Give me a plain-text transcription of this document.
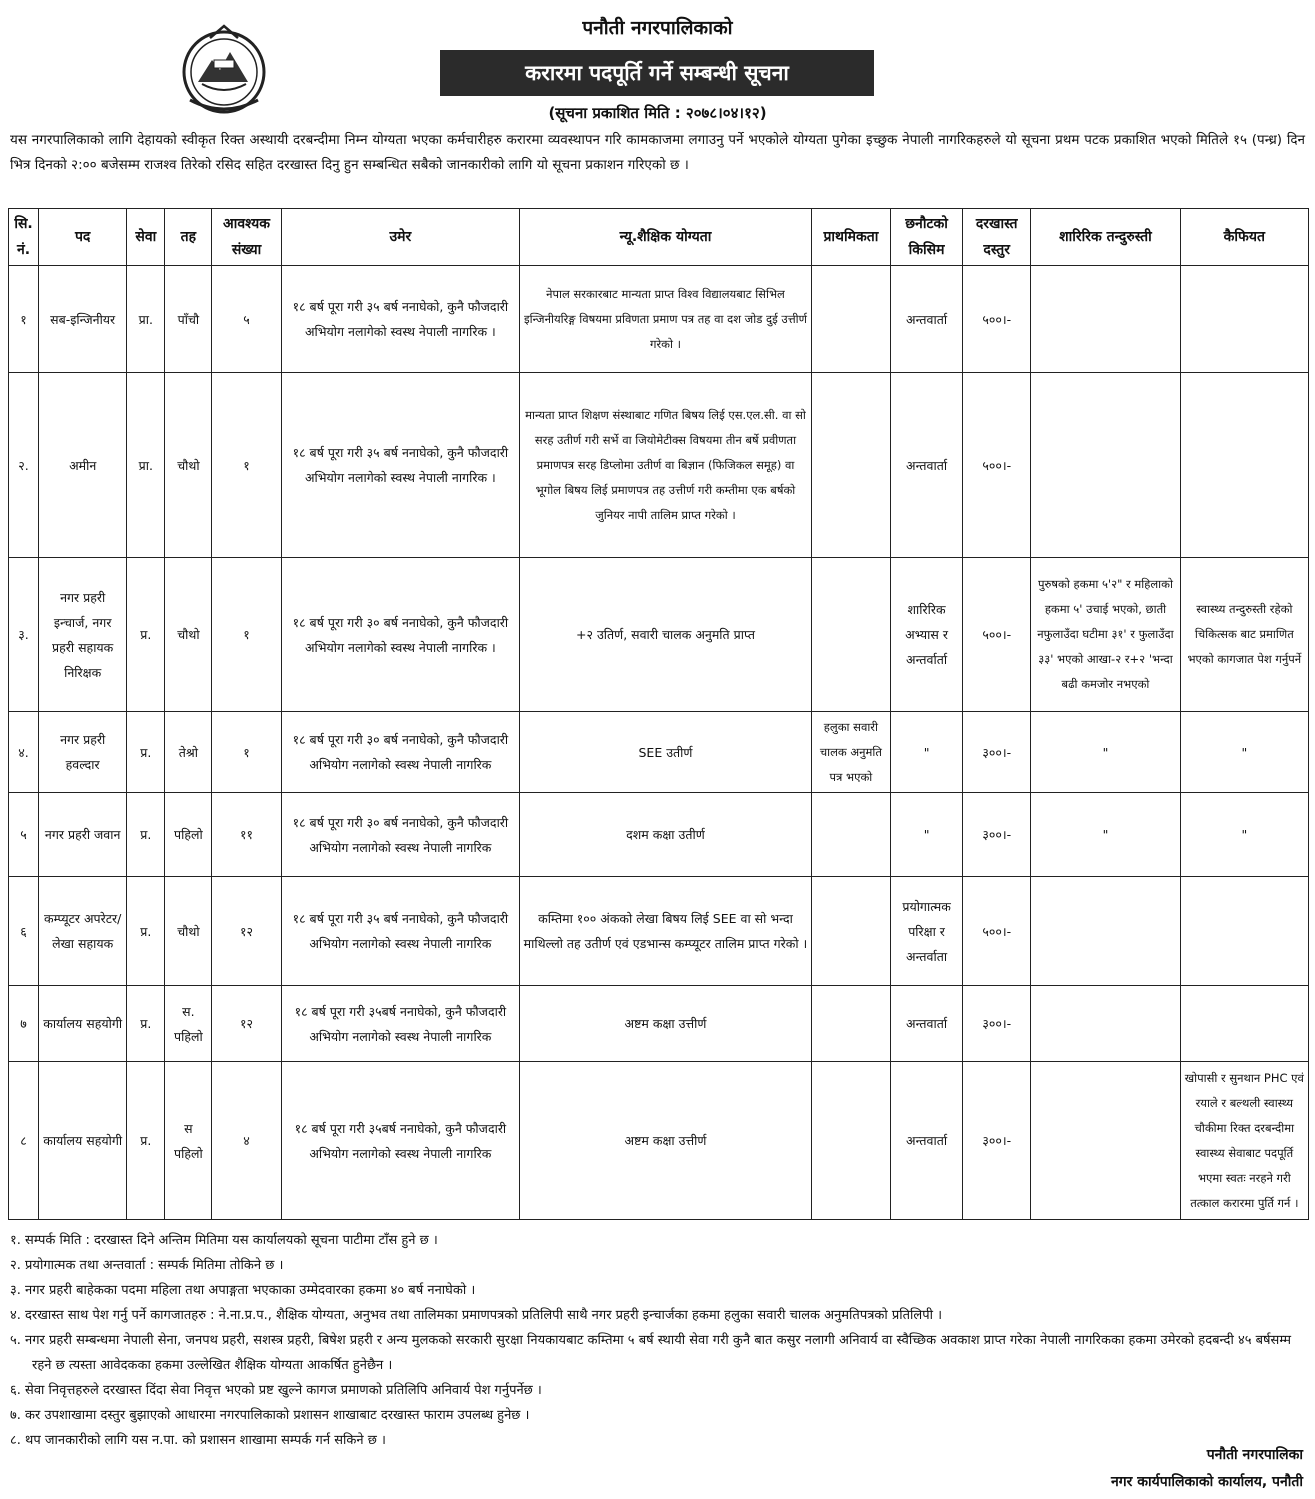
पनौती नगरपालिकाको
करारमा पदपूर्ति गर्ने सम्बन्धी सूचना
(सूचना प्रकाशित मिति : २०७८।०४।१२)
यस नगरपालिकाको लागि देहायको स्वीकृत रिक्त अस्थायी दरबन्दीमा निम्न योग्यता भएका कर्मचारीहरु करारमा व्यवस्थापन गरि कामकाजमा लगाउनु पर्ने भएकोले योग्यता पुगेका इच्छुक नेपाली नागरिकहरुले यो सूचना प्रथम पटक प्रकाशित भएको मितिले १५ (पन्ध्र) दिन भित्र दिनको २:०० बजेसम्म राजश्व तिरेको रसिद सहित दरखास्त दिनु हुन सम्बन्धित सबैको जानकारीको लागि यो सूचना प्रकाशन गरिएको छ ।
सि. नं.	पद	सेवा	तह	आवश्यक संख्या	उमेर	न्यू.शैक्षिक योग्यता	प्राथमिकता	छनौटको किसिम	दरखास्त दस्तुर	शारिरिक तन्दुरुस्ती	कैफियत
१	सब-इन्जिनीयर	प्रा.	पाँचौ	५	१८ बर्ष पूरा गरी ३५ बर्ष ननाघेको, कुनै फौजदारी अभियोग नलागेको स्वस्थ नेपाली नागरिक ।	नेपाल सरकारबाट मान्यता प्राप्त विश्व विद्यालयबाट सिभिल इन्जिनीयरिङ्ग विषयमा प्रविणता प्रमाण पत्र तह वा दश जोड दुई उत्तीर्ण गरेको ।		अन्तवार्ता	५००।-		
२.	अमीन	प्रा.	चौथो	१	१८ बर्ष पूरा गरी ३५ बर्ष ननाघेको, कुनै फौजदारी अभियोग नलागेको स्वस्थ नेपाली नागरिक ।	मान्यता प्राप्त शिक्षण संस्थाबाट गणित बिषय लिई एस.एल.सी. वा सो सरह उतीर्ण गरी सर्भे वा जियोमेटीक्स विषयमा तीन बर्षे प्रवीणता प्रमाणपत्र सरह डिप्लोमा उतीर्ण वा बिज्ञान (फिजिकल समूह) वा भूगोल बिषय लिई प्रमाणपत्र तह उत्तीर्ण गरी कम्तीमा एक बर्षको जुनियर नापी तालिम प्राप्त गरेको ।		अन्तवार्ता	५००।-		
३.	नगर प्रहरी इन्चार्ज, नगर प्रहरी सहायक निरिक्षक	प्र.	चौथो	१	१८ बर्ष पूरा गरी ३० बर्ष ननाघेको, कुनै फौजदारी अभियोग नलागेको स्वस्थ नेपाली नागरिक ।	+२ उतिर्ण, सवारी चालक अनुमति प्राप्त		शारिरिक अभ्यास र अन्तर्वार्ता	५००।-	पुरुषको हकमा ५'२" र महिलाको हकमा ५' उचाई भएको, छाती नफुलाउँदा घटीमा ३१' र फुलाउँदा ३३' भएको आखा-२ र+२ 'भन्दा बढी कमजोर नभएको	स्वास्थ्य तन्दुरुस्ती रहेको चिकित्सक बाट प्रमाणित भएको कागजात पेश गर्नुपर्ने
४.	नगर प्रहरी हवल्दार	प्र.	तेश्रो	१	१८ बर्ष पूरा गरी ३० बर्ष ननाघेको, कुनै फौजदारी अभियोग नलागेको स्वस्थ नेपाली नागरिक	SEE उतीर्ण	हलुका सवारी चालक अनुमति पत्र भएको	"	३००।-	"	"
५	नगर प्रहरी जवान	प्र.	पहिलो	११	१८ बर्ष पूरा गरी ३० बर्ष ननाघेको, कुनै फौजदारी अभियोग नलागेको स्वस्थ नेपाली नागरिक	दशम कक्षा उतीर्ण		"	३००।-	"	"
६	कम्प्यूटर अपरेटर/ लेखा सहायक	प्र.	चौथो	१२	१८ बर्ष पूरा गरी ३५ बर्ष ननाघेको, कुनै फौजदारी अभियोग नलागेको स्वस्थ नेपाली नागरिक	कम्तिमा १०० अंकको लेखा बिषय लिई SEE वा सो भन्दा माथिल्लो तह उतीर्ण एवं एडभान्स कम्प्यूटर तालिम प्राप्त गरेको ।		प्रयोगात्मक परिक्षा र अन्तर्वाता	५००।-		
७	कार्यालय सहयोगी	प्र.	स. पहिलो	१२	१८ बर्ष पूरा गरी ३५बर्ष ननाघेको, कुनै फौजदारी अभियोग नलागेको स्वस्थ नेपाली नागरिक	अष्टम कक्षा उत्तीर्ण		अन्तवार्ता	३००।-		
८	कार्यालय सहयोगी	प्र.	स पहिलो	४	१८ बर्ष पूरा गरी ३५बर्ष ननाघेको, कुनै फौजदारी अभियोग नलागेको स्वस्थ नेपाली नागरिक	अष्टम कक्षा उत्तीर्ण		अन्तवार्ता	३००।-		खोपासी र सुनथान PHC एवं रयाले र बल्थली स्वास्थ्य चौकीमा रिक्त दरबन्दीमा स्वास्थ्य सेवाबाट पदपूर्ति भएमा स्वतः नरहने गरी तत्काल करारमा पुर्ति गर्न ।
१. सम्पर्क मिति : दरखास्त दिने अन्तिम मितिमा यस कार्यालयको सूचना पाटीमा टाँस हुने छ ।
२. प्रयोगात्मक तथा अन्तवार्ता : सम्पर्क मितिमा तोकिने छ ।
३. नगर प्रहरी बाहेकका पदमा महिला तथा अपाङ्गता भएकाका उम्मेदवारका हकमा ४० बर्ष ननाघेको ।
४. दरखास्त साथ पेश गर्नु पर्ने कागजातहरु : ने.ना.प्र.प., शैक्षिक योग्यता, अनुभव तथा तालिमका प्रमाणपत्रको प्रतिलिपी साथै नगर प्रहरी इन्चार्जका हकमा हलुका सवारी चालक अनुमतिपत्रको प्रतिलिपी ।
५. नगर प्रहरी सम्बन्धमा नेपाली सेना, जनपथ प्रहरी, सशस्त्र प्रहरी, बिषेश प्रहरी र अन्य मुलकको सरकारी सुरक्षा नियकायबाट कम्तिमा ५ बर्ष स्थायी सेवा गरी कुनै बात कसुर नलागी अनिवार्य वा स्वैच्छिक अवकाश प्राप्त गरेका नेपाली नागरिकका हकमा उमेरको हदबन्दी ४५ बर्षसम्म रहने छ त्यस्ता आवेदकका हकमा उल्लेखित शैक्षिक योग्यता आकर्षित हुनेछैन ।
६. सेवा निवृत्तहरुले दरखास्त दिंदा सेवा निवृत्त भएको प्रष्ट खुल्ने कागज प्रमाणको प्रतिलिपि अनिवार्य पेश गर्नुपर्नेछ ।
७. कर उपशाखामा दस्तुर बुझाएको आधारमा नगरपालिकाको प्रशासन शाखाबाट दरखास्त फाराम उपलब्ध हुनेछ ।
८. थप जानकारीको लागि यस न.पा. को प्रशासन शाखामा सम्पर्क गर्न सकिने छ ।
पनौती नगरपालिका
नगर कार्यपालिकाको कार्यालय, पनौती
